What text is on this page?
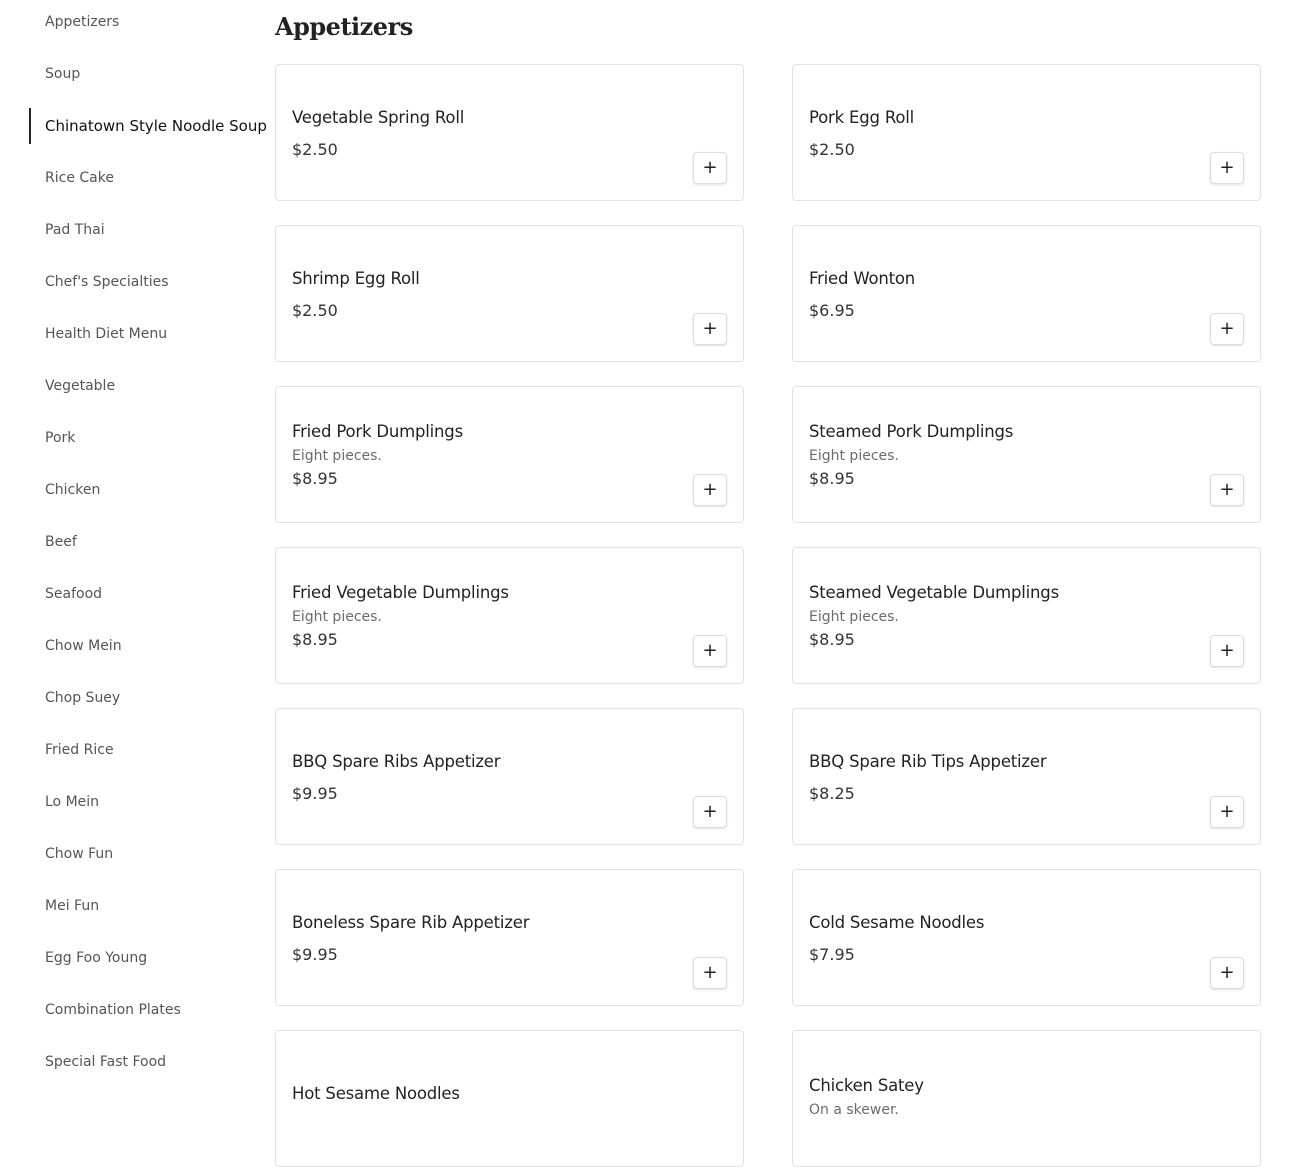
Appetizers
Soup
Chinatown Style Noodle Soup
Rice Cake
Pad Thai
Chef's Specialties
Health Diet Menu
Vegetable
Pork
Chicken
Beef
Seafood
Chow Mein
Chop Suey
Fried Rice
Lo Mein
Chow Fun
Mei Fun
Egg Foo Young
Combination Plates
Special Fast Food
Appetizers
Vegetable Spring Roll
$2.50
+
Pork Egg Roll
$2.50
+
Shrimp Egg Roll
$2.50
+
Fried Wonton
$6.95
+
Fried Pork Dumplings
Eight pieces.
$8.95
+
Steamed Pork Dumplings
Eight pieces.
$8.95
+
Fried Vegetable Dumplings
Eight pieces.
$8.95
+
Steamed Vegetable Dumplings
Eight pieces.
$8.95
+
BBQ Spare Ribs Appetizer
$9.95
+
BBQ Spare Rib Tips Appetizer
$8.25
+
Boneless Spare Rib Appetizer
$9.95
+
Cold Sesame Noodles
$7.95
+
Hot Sesame Noodles	Chicken Satey
On a skewer.
